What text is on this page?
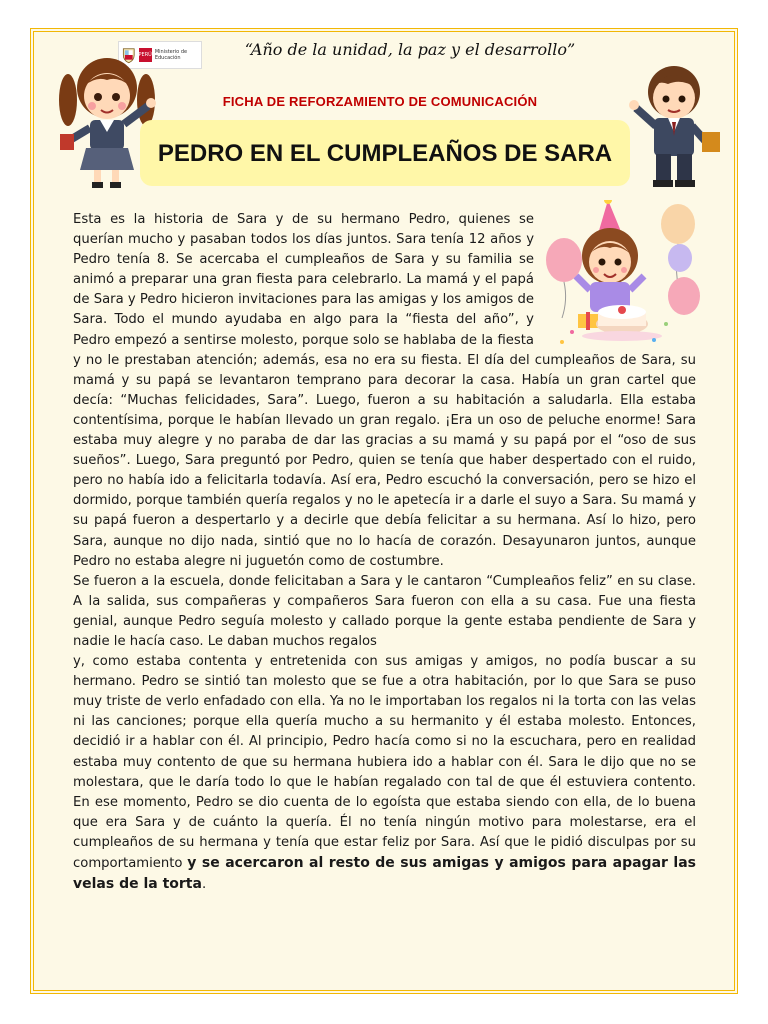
PERÚ Ministerio de Educación	“Año de la unidad, la paz y el desarrollo”
FICHA DE REFORZAMIENTO DE COMUNICACIÓN
PEDRO EN EL CUMPLEAÑOS DE SARA

Esta es la historia de Sara y de su hermano Pedro, quienes se querían mucho y pasaban todos los días juntos. Sara tenía 12 años y Pedro tenía 8. Se acercaba el cumpleaños de Sara y su familia se animó a preparar una gran fiesta para celebrarlo. La mamá y el papá de Sara y Pedro hicieron invitaciones para las amigas y los amigos de Sara. Todo el mundo ayudaba en algo para la “fiesta del año”, y Pedro empezó a sentirse molesto, porque solo se hablaba de la fiesta y no le prestaban atención; además, esa no era su fiesta. El día del cumpleaños de Sara, su mamá y su papá se levantaron temprano para decorar la casa. Había un gran cartel que decía: “Muchas felicidades, Sara”. Luego, fueron a su habitación a saludarla. Ella estaba contentísima, porque le habían llevado un gran regalo. ¡Era un oso de peluche enorme! Sara estaba muy alegre y no paraba de dar las gracias a su mamá y su papá por el “oso de sus sueños”. Luego, Sara preguntó por Pedro, quien se tenía que haber despertado con el ruido, pero no había ido a felicitarla todavía. Así era, Pedro escuchó la conversación, pero se hizo el dormido, porque también quería regalos y no le apetecía ir a darle el suyo a Sara. Su mamá y su papá fueron a despertarlo y a decirle que debía felicitar a su hermana. Así lo hizo, pero Sara, aunque no dijo nada, sintió que no lo hacía de corazón. Desayunaron juntos, aunque Pedro no estaba alegre ni juguetón como de costumbre.

Se fueron a la escuela, donde felicitaban a Sara y le cantaron “Cumpleaños feliz” en su clase. A la salida, sus compañeras y compañeros Sara fueron con ella a su casa. Fue una fiesta genial, aunque Pedro seguía molesto y callado porque la gente estaba pendiente de Sara y nadie le hacía caso. Le daban muchos regalos

y, como estaba contenta y entretenida con sus amigas y amigos, no podía buscar a su hermano. Pedro se sintió tan molesto que se fue a otra habitación, por lo que Sara se puso muy triste de verlo enfadado con ella. Ya no le importaban los regalos ni la torta con las velas ni las canciones; porque ella quería mucho a su hermanito y él estaba molesto. Entonces, decidió ir a hablar con él. Al principio, Pedro hacía como si no la escuchara, pero en realidad estaba muy contento de que su hermana hubiera ido a hablar con él. Sara le dijo que no se molestara, que le daría todo lo que le habían regalado con tal de que él estuviera contento. En ese momento, Pedro se dio cuenta de lo egoísta que estaba siendo con ella, de lo buena que era Sara y de cuánto la quería. Él no tenía ningún motivo para molestarse, era el cumpleaños de su hermana y tenía que estar feliz por Sara. Así que le pidió disculpas por su comportamiento y se acercaron al resto de sus amigas y amigos para apagar las velas de la torta.
